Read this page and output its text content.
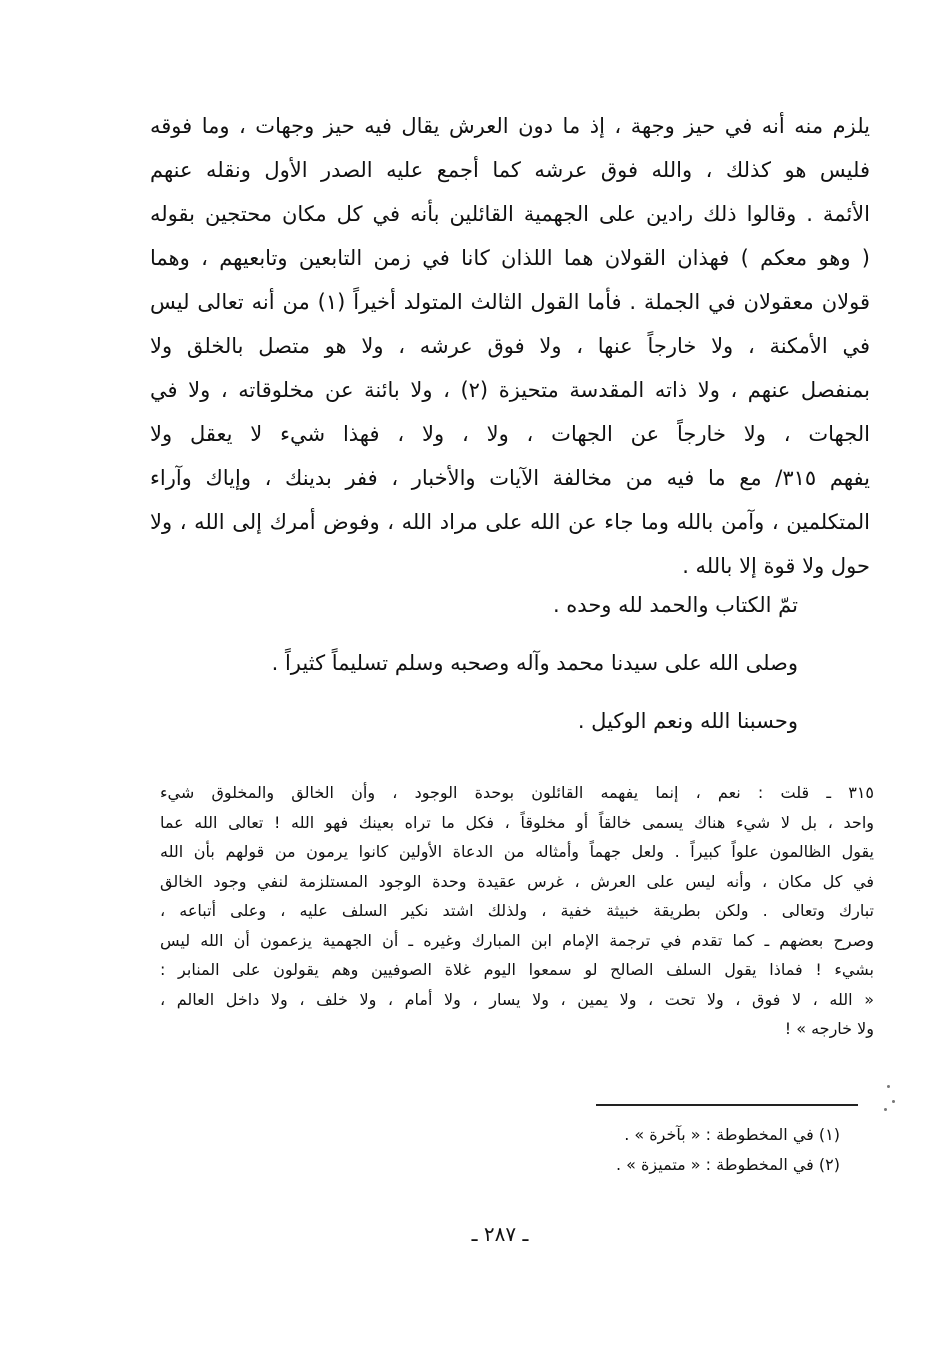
يلزم منه أنه في حيز وجهة ، إذ ما دون العرش يقال فيه حيز وجهات ، وما فوقه
فليس هو كذلك ، والله فوق عرشه كما أجمع عليه الصدر الأول ونقله عنهم
الأئمة . وقالوا ذلك رادين على الجهمية القائلين بأنه في كل مكان محتجين بقوله
( وهو معكم ) فهذان القولان هما اللذان كانا في زمن التابعين وتابعيهم ، وهما
قولان معقولان في الجملة . فأما القول الثالث المتولد أخيراً (١) من أنه تعالى ليس
في الأمكنة ، ولا خارجاً عنها ، ولا فوق عرشه ، ولا هو متصل بالخلق ولا
بمنفصل عنهم ، ولا ذاته المقدسة متحيزة (٢) ، ولا بائنة عن مخلوقاته ، ولا في
الجهات ، ولا خارجاً عن الجهات ، ولا ، ولا ، فهذا شيء لا يعقل ولا
يفهم ٣١٥/ مع ما فيه من مخالفة الآيات والأخبار ، ففر بدينك ، وإياك وآراء
المتكلمين ، وآمن بالله وما جاء عن الله على مراد الله ، وفوض أمرك إلى الله ، ولا
حول ولا قوة إلا بالله .
تمّ الكتاب والحمد لله وحده .
وصلى الله على سيدنا محمد وآله وصحبه وسلم تسليماً كثيراً .
وحسبنا الله ونعم الوكيل .
٣١٥ ـ قلت : نعم ، إنما يفهمه القائلون بوحدة الوجود ، وأن الخالق والمخلوق شيء
واحد ، بل لا شيء هناك يسمى خالقاً أو مخلوقاً ، فكل ما تراه بعينك فهو الله ! تعالى الله عما
يقول الظالمون علواً كبيراً . ولعل جهماً وأمثاله من الدعاة الأولين كانوا يرمون من قولهم بأن الله
في كل مكان ، وأنه ليس على العرش ، غرس عقيدة وحدة الوجود المستلزمة لنفي وجود الخالق
تبارك وتعالى . ولكن بطريقة خبيثة خفية ، ولذلك اشتد نكير السلف عليه ، وعلى أتباعه ،
وصرح بعضهم ـ كما تقدم في ترجمة الإمام ابن المبارك وغيره ـ أن الجهمية يزعمون أن الله ليس
بشيء ! فماذا يقول السلف الصالح لو سمعوا اليوم غلاة الصوفيين وهم يقولون على المنابر :
« الله ، لا فوق ، ولا تحت ، ولا يمين ، ولا يسار ، ولا أمام ، ولا خلف ، ولا داخل العالم ،
ولا خارجه » !
(١) في المخطوطة : « بآخرة » .
(٢) في المخطوطة : « متميزة » .
ـ ٢٨٧ ـ
